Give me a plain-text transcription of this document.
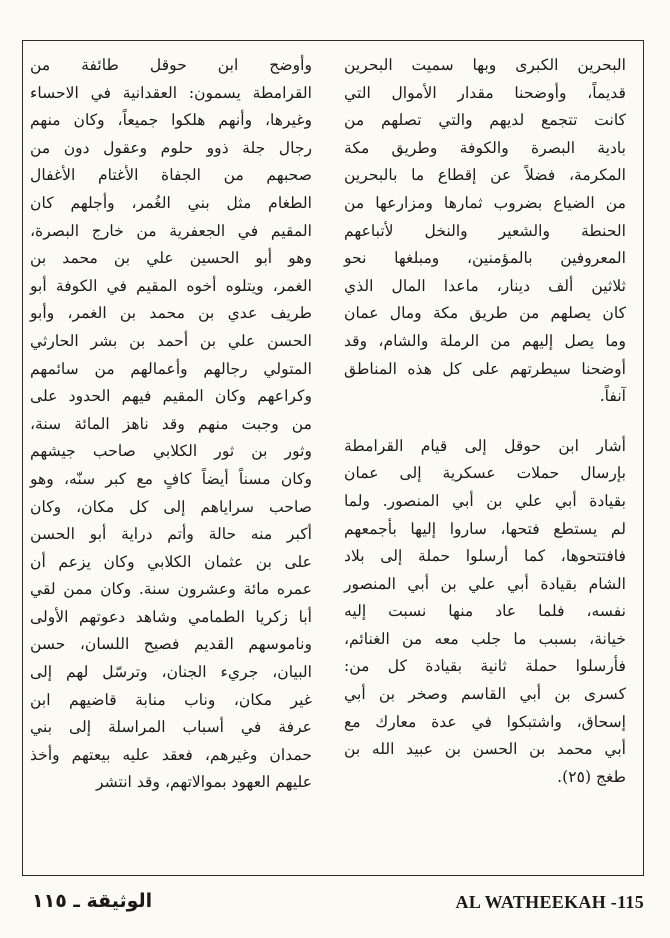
البحرين الكبرى وبها سميت البحرين
قديماً، وأوضحنا مقدار الأموال التي
كانت تتجمع لديهم والتي تصلهم من
بادية البصرة والكوفة وطريق مكة
المكرمة، فضلاً عن إقطاع ما بالبحرين
من الضياع بضروب ثمارها ومزارعها من
الحنطة والشعير والنخل لأتباعهم
المعروفين بالمؤمنين، ومبلغها نحو
ثلاثين ألف دينار، ماعدا المال الذي
كان يصلهم من طريق مكة ومال عمان
وما يصل إليهم من الرملة والشام، وقد
أوضحنا سيطرتهم على كل هذه المناطق
آنفاً.

أشار ابن حوقل إلى قيام القرامطة
بإرسال حملات عسكرية إلى عمان
بقيادة أبي علي بن أبي المنصور. ولما
لم يستطع فتحها، ساروا إليها بأجمعهم
فافتتحوها، كما أرسلوا حملة إلى بلاد
الشام بقيادة أبي علي بن أبي المنصور
نفسه، فلما عاد منها نسبت إليه
خيانة، بسبب ما جلب معه من الغنائم،
فأرسلوا حملة ثانية بقيادة كل من:
كسرى بن أبي القاسم وصخر بن أبي
إسحاق، واشتبكوا في عدة معارك مع
أبي محمد بن الحسن بن عبيد الله بن
طغج (٢٥).

وأوضح ابن حوقل طائفة من
القرامطة يسمون: العقدانية في الاحساء
وغيرها، وأنهم هلكوا جميعاً، وكان منهم
رجال جلة ذوو حلوم وعقول دون من
صحبهم من الجفاة الأغتام الأغفال
الطغام مثل بني الغُمر، وأجلهم كان
المقيم في الجعفرية من خارج البصرة،
وهو أبو الحسين علي بن محمد بن
الغمر، ويتلوه أخوه المقيم في الكوفة أبو
طريف عدي بن محمد بن الغمر، وأبو
الحسن علي بن أحمد بن بشر الحارثي
المتولي رجالهم وأعمالهم من سائمهم
وكراعهم وكان المقيم فيهم الحدود على
من وجبت منهم وقد ناهز المائة سنة،
وثور بن ثور الكلابي صاحب جيشهم
وكان مسناً أيضاً كافٍ مع كبر سنّه، وهو
صاحب سراياهم إلى كل مكان، وكان
أكبر منه حالة وأتم دراية أبو الحسن
على بن عثمان الكلابي وكان يزعم أن
عمره مائة وعشرون سنة. وكان ممن لقي
أبا زكريا الطمامي وشاهد دعوتهم الأولى
وناموسهم القديم فصيح اللسان، حسن
البيان، جريء الجنان، وترسّل لهم إلى
غير مكان، وناب منابة قاضيهم ابن
عرفة في أسباب المراسلة إلى بني
حمدان وغيرهم، فعقد عليه بيعتهم وأخذ
عليهم العهود بموالاتهم، وقد انتشر

AL WATHEEKAH -115
الوثيقة ـ ١١٥
